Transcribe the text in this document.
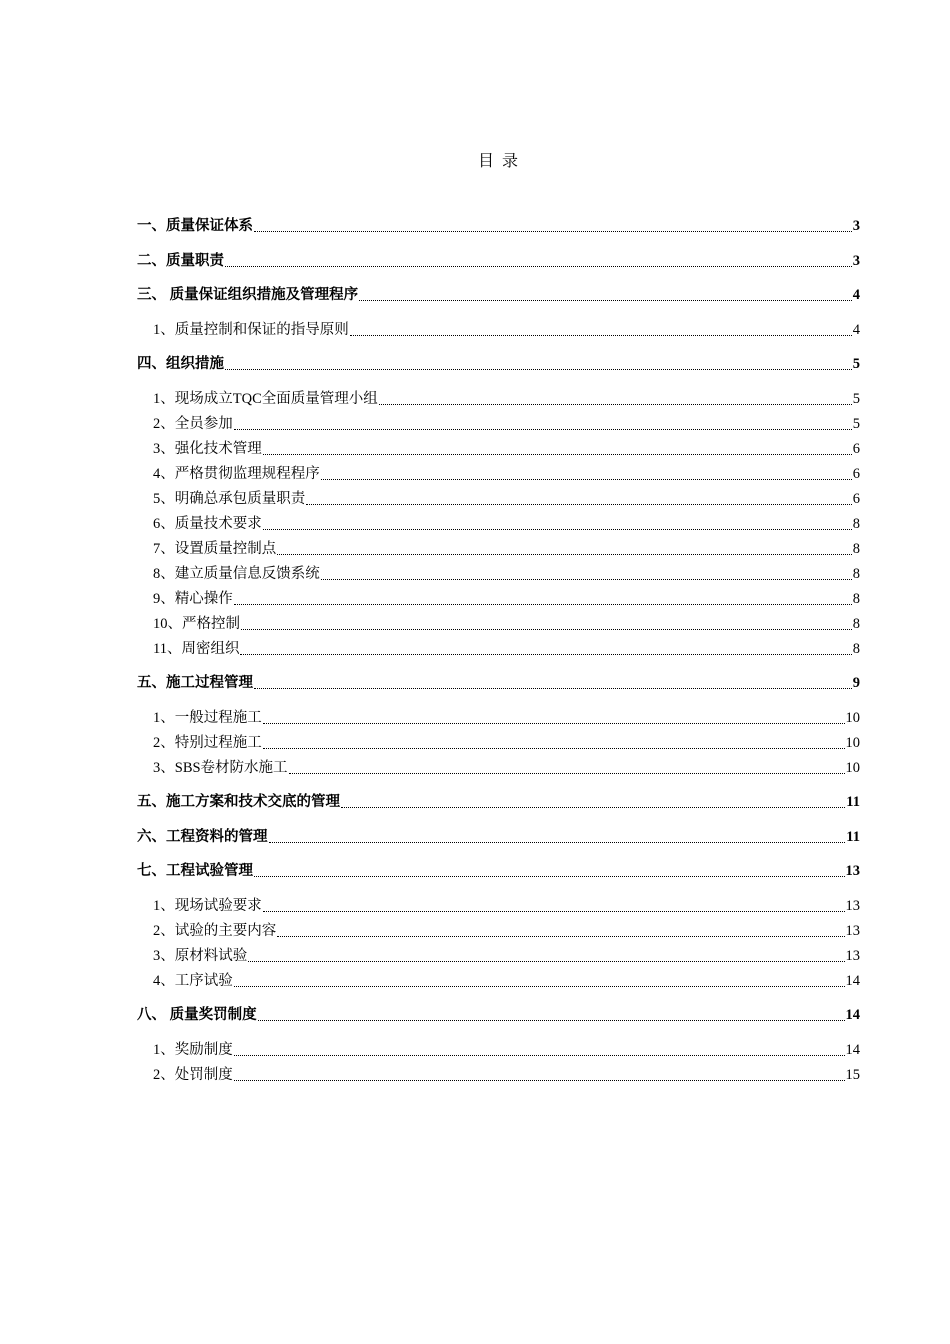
目 录
一、质量保证体系	3
二、质量职责	3
三、 质量保证组织措施及管理程序	4
1、质量控制和保证的指导原则	4
四、组织措施	5
1、现场成立TQC全面质量管理小组	5
2、全员参加	5
3、强化技术管理	6
4、严格贯彻监理规程程序	6
5、明确总承包质量职责	6
6、质量技术要求	8
7、设置质量控制点	8
8、建立质量信息反馈系统	8
9、精心操作	8
10、严格控制	8
11、周密组织	8
五、施工过程管理	9
1、一般过程施工	10
2、特别过程施工	10
3、SBS卷材防水施工	10
五、施工方案和技术交底的管理	11
六、工程资料的管理	11
七、工程试验管理	13
1、现场试验要求	13
2、试验的主要内容	13
3、原材料试验	13
4、工序试验	14
八、 质量奖罚制度	14
1、奖励制度	14
2、处罚制度	15
